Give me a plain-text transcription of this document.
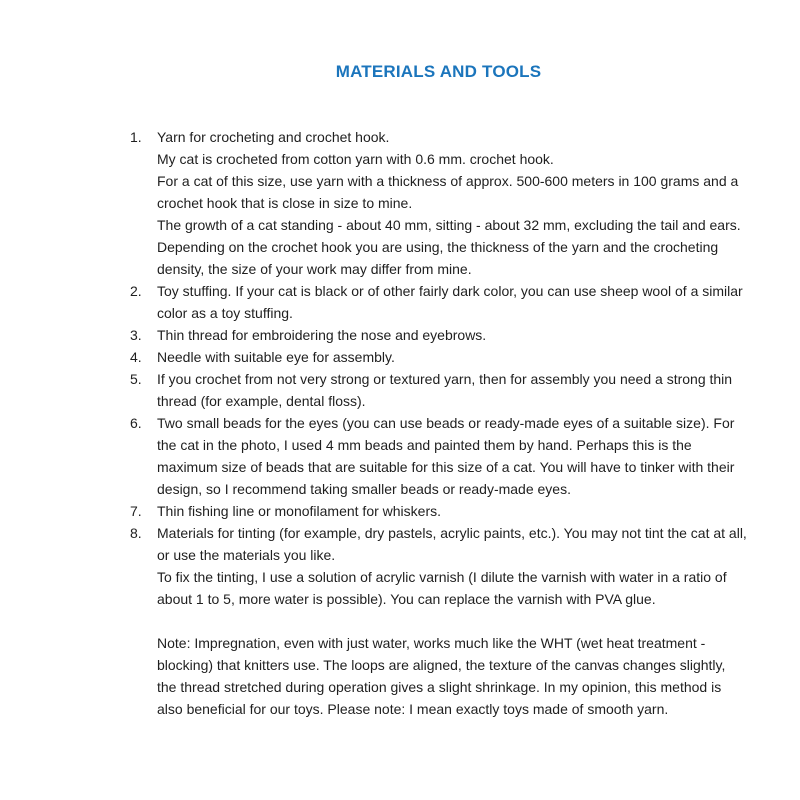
MATERIALS AND TOOLS
1.	Yarn for crocheting and crochet hook.

My cat is crocheted from cotton yarn with 0.6 mm. crochet hook.

For a cat of this size, use yarn with a thickness of approx. 500-600 meters in 100 grams and a crochet hook that is close in size to mine.

The growth of a cat standing - about 40 mm, sitting - about 32 mm, excluding the tail and ears.

Depending on the crochet hook you are using, the thickness of the yarn and the crocheting density, the size of your work may differ from mine.

2.	Toy stuffing. If your cat is black or of other fairly dark color, you can use sheep wool of a similar color as a toy stuffing.

3.	Thin thread for embroidering the nose and eyebrows.

4.	Needle with suitable eye for assembly.

5.	If you crochet from not very strong or textured yarn, then for assembly you need a strong thin thread (for example, dental floss).

6.	Two small beads for the eyes (you can use beads or ready-made eyes of a suitable size). For the cat in the photo, I used 4 mm beads and painted them by hand. Perhaps this is the maximum size of beads that are suitable for this size of a cat. You will have to tinker with their design, so I recommend taking smaller beads or ready-made eyes.

7.	Thin fishing line or monofilament for whiskers.

8.	Materials for tinting (for example, dry pastels, acrylic paints, etc.). You may not tint the cat at all, or use the materials you like.

To fix the tinting, I use a solution of acrylic varnish (I dilute the varnish with water in a ratio of about 1 to 5, more water is possible). You can replace the varnish with PVA glue.

Note: Impregnation, even with just water, works much like the WHT (wet heat treatment - blocking) that knitters use. The loops are aligned, the texture of the canvas changes slightly, the thread stretched during operation gives a slight shrinkage. In my opinion, this method is also beneficial for our toys. Please note: I mean exactly toys made of smooth yarn.
